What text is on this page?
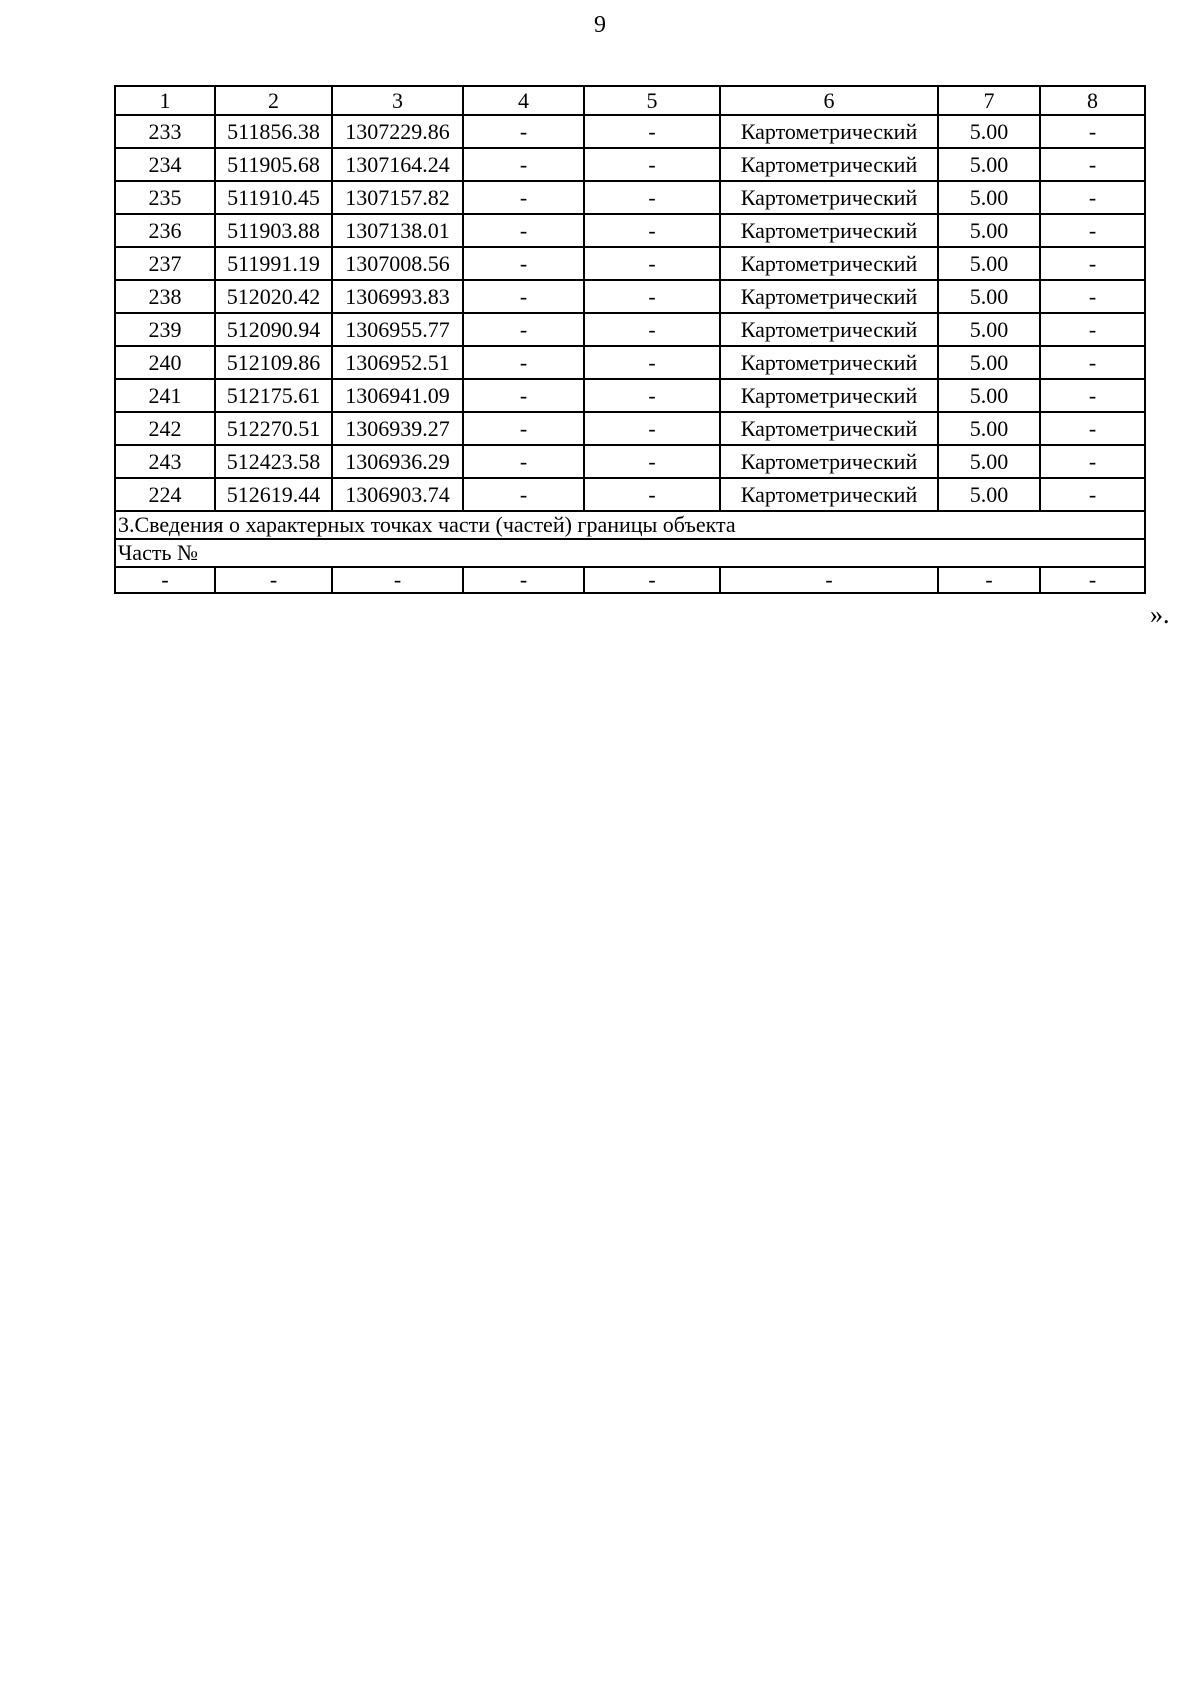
9
1	2	3	4	5	6	7	8
233	511856.38	1307229.86	-	-	Картометрический	5.00	-
234	511905.68	1307164.24	-	-	Картометрический	5.00	-
235	511910.45	1307157.82	-	-	Картометрический	5.00	-
236	511903.88	1307138.01	-	-	Картометрический	5.00	-
237	511991.19	1307008.56	-	-	Картометрический	5.00	-
238	512020.42	1306993.83	-	-	Картометрический	5.00	-
239	512090.94	1306955.77	-	-	Картометрический	5.00	-
240	512109.86	1306952.51	-	-	Картометрический	5.00	-
241	512175.61	1306941.09	-	-	Картометрический	5.00	-
242	512270.51	1306939.27	-	-	Картометрический	5.00	-
243	512423.58	1306936.29	-	-	Картометрический	5.00	-
224	512619.44	1306903.74	-	-	Картометрический	5.00	-
3.Сведения о характерных точках части (частей) границы объекта							
Часть №							
-	-	-	-	-	-	-	-
».
